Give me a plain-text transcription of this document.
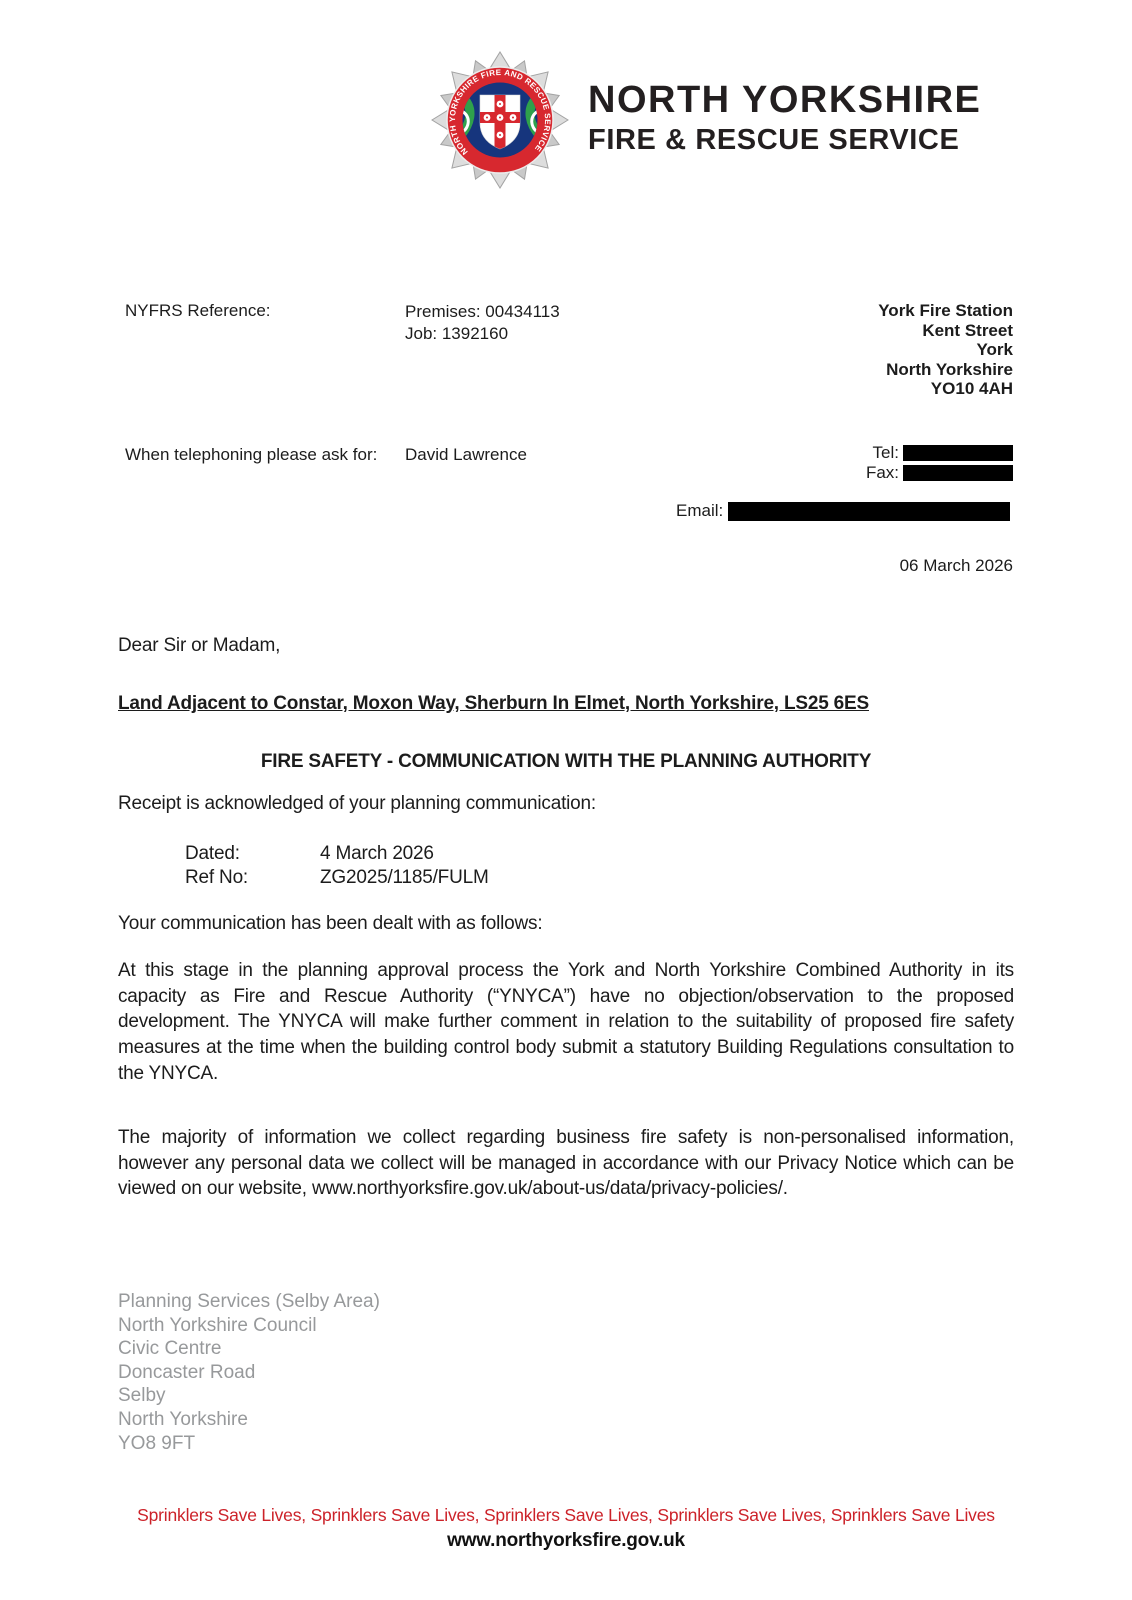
NORTH YORKSHIRE FIRE AND RESCUE SERVICE
NORTH YORKSHIRE
FIRE & RESCUE SERVICE
NYFRS Reference:	Premises: 00434113
Job: 1392160
York Fire Station
Kent Street
York
North Yorkshire
YO10 4AH
When telephoning please ask for: David Lawrence	Tel:
Fax:
Email:
06 March 2026
Dear Sir or Madam,
Land Adjacent to Constar, Moxon Way, Sherburn In Elmet, North Yorkshire, LS25 6ES
FIRE SAFETY - COMMUNICATION WITH THE PLANNING AUTHORITY
Receipt is acknowledged of your planning communication:
Dated:	4 March 2026
Ref No:	ZG2025/1185/FULM
Your communication has been dealt with as follows:
At this stage in the planning approval process the York and North Yorkshire Combined Authority in its capacity as Fire and Rescue Authority (“YNYCA”) have no objection/observation to the proposed development. The YNYCA will make further comment in relation to the suitability of proposed fire safety measures at the time when the building control body submit a statutory Building Regulations consultation to the YNYCA.
The majority of information we collect regarding business fire safety is non-personalised information, however any personal data we collect will be managed in accordance with our Privacy Notice which can be viewed on our website, www.northyorksfire.gov.uk/about-us/data/privacy-policies/.
Planning Services (Selby Area)
North Yorkshire Council
Civic Centre
Doncaster Road
Selby
North Yorkshire
YO8 9FT
Sprinklers Save Lives, Sprinklers Save Lives, Sprinklers Save Lives, Sprinklers Save Lives, Sprinklers Save Lives
www.northyorksfire.gov.uk
